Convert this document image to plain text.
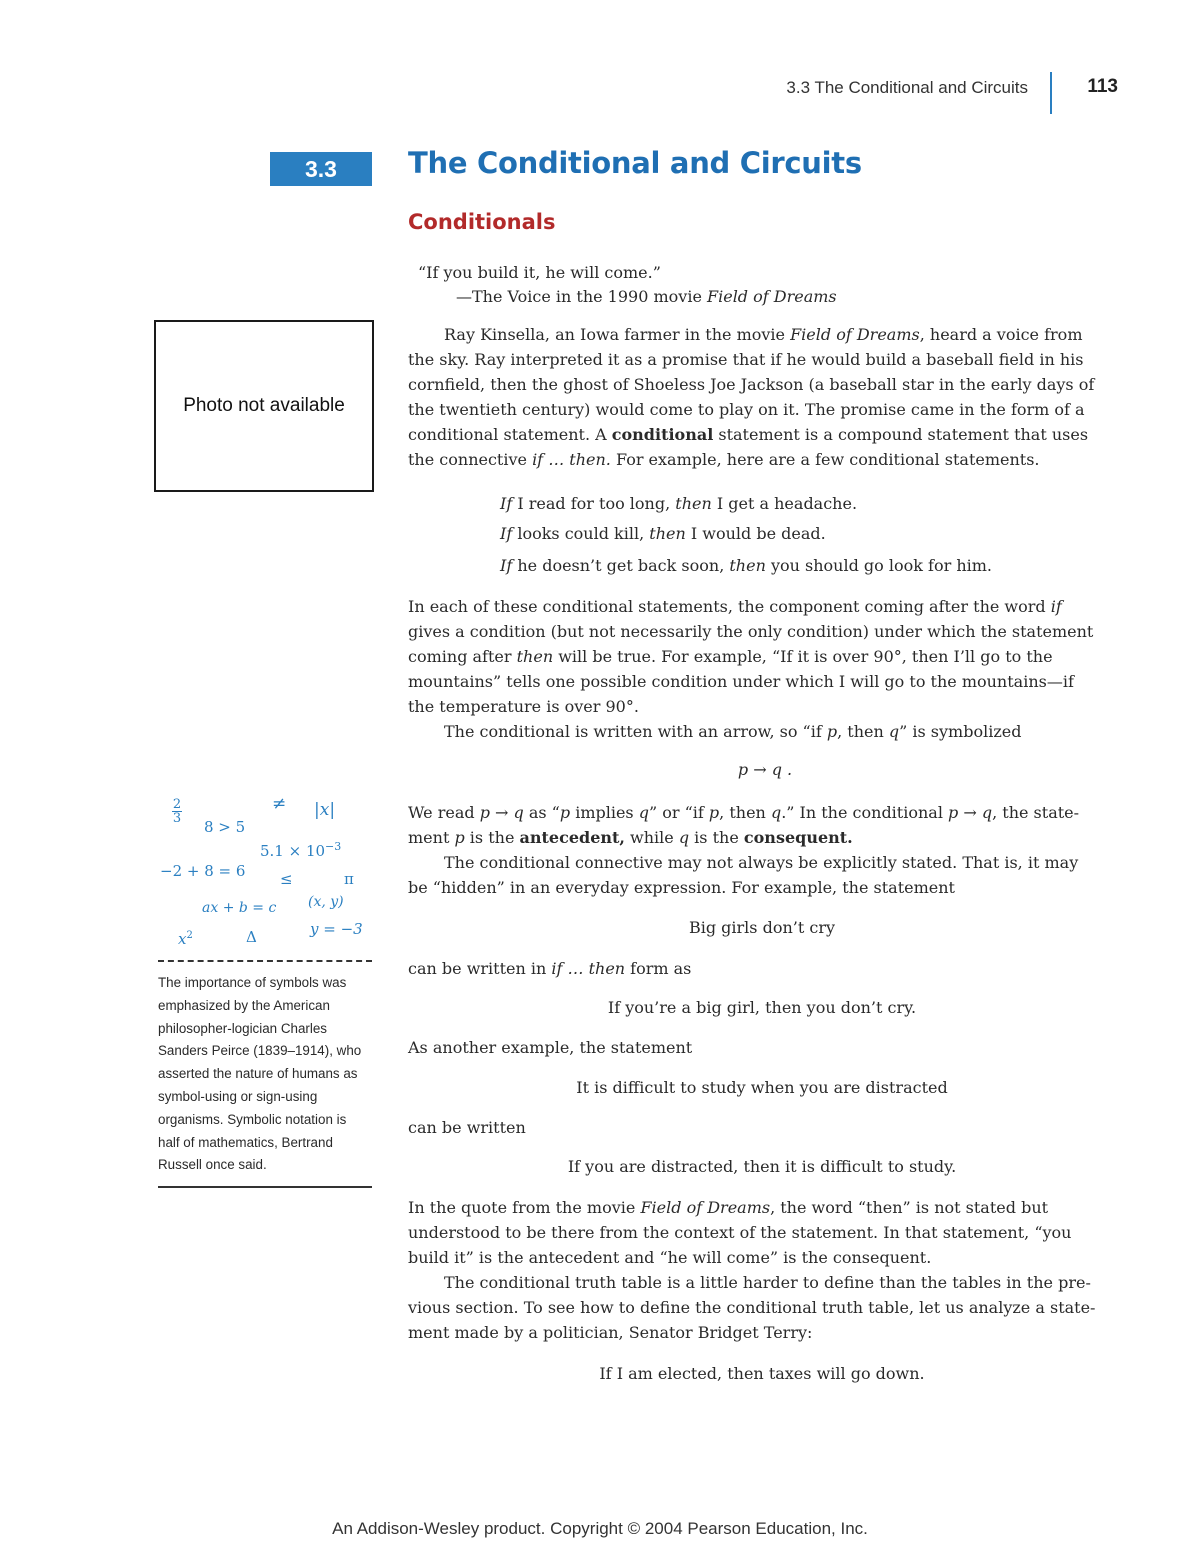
3.3 The Conditional and Circuits	113
3.3	The Conditional and Circuits
Conditionals
“If you build it, he will come.”
—The Voice in the 1990 movie Field of Dreams
Photo not available
Ray Kinsella, an Iowa farmer in the movie Field of Dreams, heard a voice from
the sky. Ray interpreted it as a promise that if he would build a baseball field in his
cornfield, then the ghost of Shoeless Joe Jackson (a baseball star in the early days of
the twentieth century) would come to play on it. The promise came in the form of a
conditional statement. A conditional statement is a compound statement that uses
the connective if … then. For example, here are a few conditional statements.
If I read for too long, then I get a headache.
If looks could kill, then I would be dead.
If he doesn’t get back soon, then you should go look for him.
In each of these conditional statements, the component coming after the word if
gives a condition (but not necessarily the only condition) under which the statement
coming after then will be true. For example, “If it is over 90°, then I’ll go to the
mountains” tells one possible condition under which I will go to the mountains—if
the temperature is over 90°.
The conditional is written with an arrow, so “if p, then q” is symbolized
p → q .
We read p → q as “p implies q” or “if p, then q.” In the conditional p → q, the state-
ment p is the antecedent, while q is the consequent.
The conditional connective may not always be explicitly stated. That is, it may
be “hidden” in an everyday expression. For example, the statement
Big girls don’t cry
can be written in if … then form as
If you’re a big girl, then you don’t cry.
As another example, the statement
It is difficult to study when you are distracted
can be written
If you are distracted, then it is difficult to study.
In the quote from the movie Field of Dreams, the word “then” is not stated but
understood to be there from the context of the statement. In that statement, “you
build it” is the antecedent and “he will come” is the consequent.
The conditional truth table is a little harder to define than the tables in the pre-
vious section. To see how to define the conditional truth table, let us analyze a state-
ment made by a politician, Senator Bridget Terry:
If I am elected, then taxes will go down.
2
3 8 > 5
≠ |x|
$5.1 \times 10^{-3}$
−2 + 8 = 6 ≤	π
ax + b = c (x, y)
$x^2$	Δ	y = −3
The importance of symbols was
emphasized by the American
philosopher-logician Charles
Sanders Peirce (1839–1914), who
asserted the nature of humans as
symbol-using or sign-using
organisms. Symbolic notation is
half of mathematics, Bertrand
Russell once said.
An Addison-Wesley product. Copyright © 2004 Pearson Education, Inc.
